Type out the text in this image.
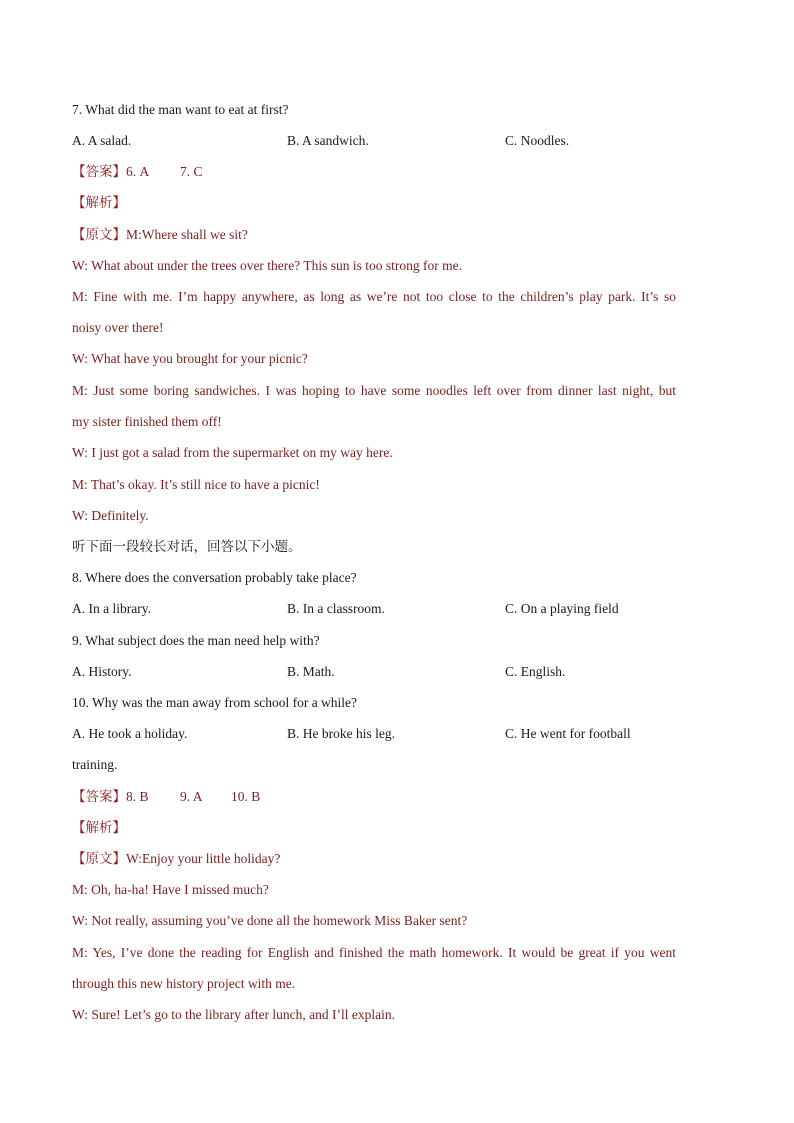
7. What did the man want to eat at first?
A. A salad.	B. A sandwich.	C. Noodles.
【答案】6. A 7. C
【解析】
【原文】M:Where shall we sit?
W: What about under the trees over there? This sun is too strong for me.
M: Fine with me. I’m happy anywhere, as long as we’re not too close to the children’s play park. It’s so
noisy over there!
W: What have you brought for your picnic?
M: Just some boring sandwiches. I was hoping to have some noodles left over from dinner last night, but
my sister finished them off!
W: I just got a salad from the supermarket on my way here.
M: That’s okay. It’s still nice to have a picnic!
W: Definitely.
听下面一段较长对话，回答以下小题。
8. Where does the conversation probably take place?
A. In a library.	B. In a classroom.	C. On a playing field
9. What subject does the man need help with?
A. History.	B. Math.	C. English.
10. Why was the man away from school for a while?
A. He took a holiday.	B. He broke his leg.	C. He went for football
training.
【答案】8. B 9. A 10. B
【解析】
【原文】W:Enjoy your little holiday?
M: Oh, ha-ha! Have I missed much?
W: Not really, assuming you’ve done all the homework Miss Baker sent?
M: Yes, I’ve done the reading for English and finished the math homework. It would be great if you went
through this new history project with me.
W: Sure! Let’s go to the library after lunch, and I’ll explain.
